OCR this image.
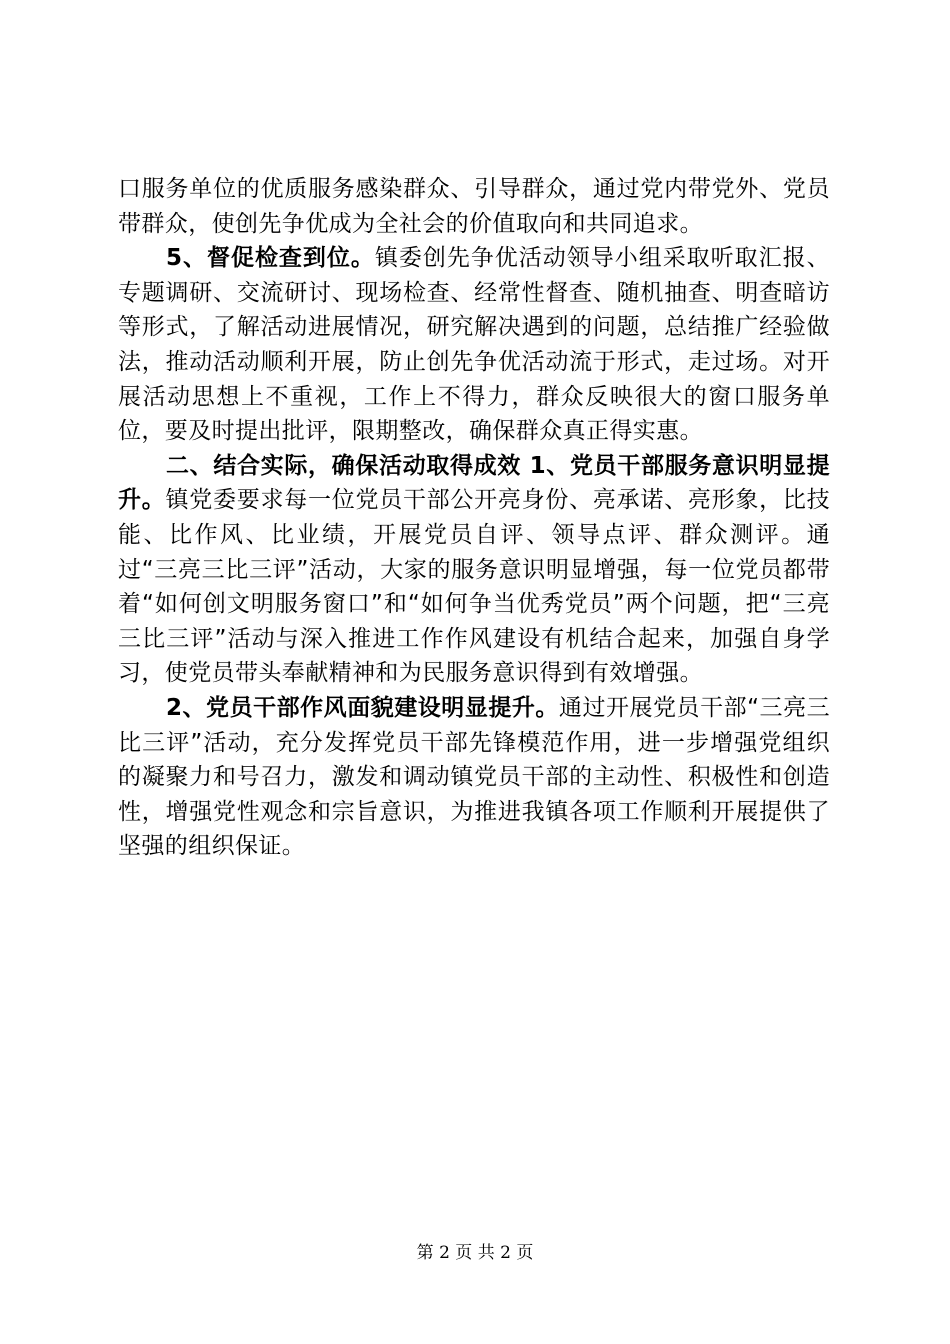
口服务单位的优质服务感染群众、引导群众，通过党内带党外、党员带群众，使创先争优成为全社会的价值取向和共同追求。

5、督促检查到位。镇委创先争优活动领导小组采取听取汇报、专题调研、交流研讨、现场检查、经常性督查、随机抽查、明查暗访等形式，了解活动进展情况，研究解决遇到的问题，总结推广经验做法，推动活动顺利开展，防止创先争优活动流于形式，走过场。对开展活动思想上不重视，工作上不得力，群众反映很大的窗口服务单位，要及时提出批评，限期整改，确保群众真正得实惠。

二、结合实际，确保活动取得成效 1、党员干部服务意识明显提升。镇党委要求每一位党员干部公开亮身份、亮承诺、亮形象，比技能、比作风、比业绩，开展党员自评、领导点评、群众测评。通过“三亮三比三评”活动，大家的服务意识明显增强，每一位党员都带着“如何创文明服务窗口”和“如何争当优秀党员”两个问题，把“三亮三比三评”活动与深入推进工作作风建设有机结合起来，加强自身学习，使党员带头奉献精神和为民服务意识得到有效增强。

2、党员干部作风面貌建设明显提升。通过开展党员干部“三亮三比三评”活动，充分发挥党员干部先锋模范作用，进一步增强党组织的凝聚力和号召力，激发和调动镇党员干部的主动性、积极性和创造性，增强党性观念和宗旨意识，为推进我镇各项工作顺利开展提供了坚强的组织保证。

第 2 页 共 2 页
